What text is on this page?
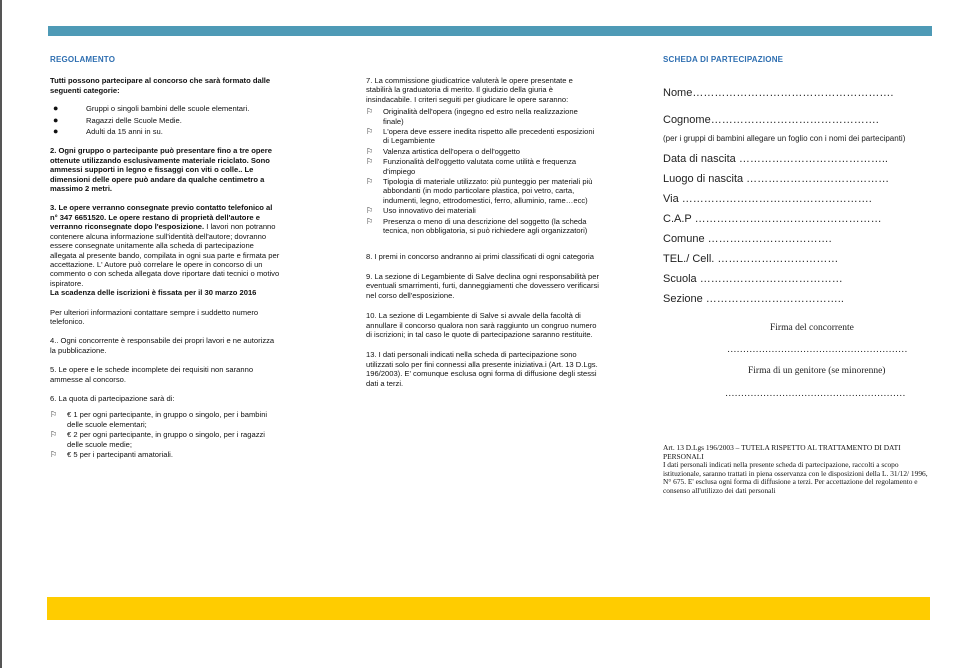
REGOLAMENTO

Tutti possono partecipare al concorso che sarà formato dalle seguenti categorie:

●	Gruppi o singoli bambini delle scuole elementari.
●	Ragazzi delle Scuole Medie.
●	Adulti da 15 anni in su.

2. Ogni gruppo o partecipante può presentare fino a tre opere ottenute utilizzando esclusivamente materiale riciclato. Sono ammessi supporti in legno e fissaggi con viti o colle.. Le dimensioni delle opere può andare da qualche centimetro a massimo 2 metri.

3. Le opere verranno consegnate previo contatto telefonico al n° 347 6651520. Le opere restano di proprietà dell'autore e verranno riconsegnate dopo l'esposizione. I lavori non potranno contenere alcuna informazione sull'identità dell'autore; dovranno essere consegnate unitamente alla scheda di partecipazione allegata al presente bando, compilata in ogni sua parte e firmata per accettazione. L' Autore può correlare le opere in concorso di un commento o con scheda allegata dove riportare dati tecnici o motivo ispiratore.

La scadenza delle iscrizioni è fissata per il 30 marzo 2016

Per ulteriori informazioni contattare sempre i suddetto numero telefonico.

4.. Ogni concorrente è responsabile dei propri lavori e ne autorizza la pubblicazione.

5. Le opere e le schede incomplete dei requisiti non saranno ammesse al concorso.

6. La quota di partecipazione sarà di:

⚐ € 1 per ogni partecipante, in gruppo o singolo, per i bambini delle scuole elementari;
⚐ € 2 per ogni partecipante, in gruppo o singolo, per i ragazzi delle scuole medie;
⚐ € 5 per i partecipanti amatoriali.

7. La commissione giudicatrice valuterà le opere presentate e stabilirà la graduatoria di merito. Il giudizio della giuria è insindacabile. I criteri seguiti per giudicare le opere saranno:

⚐ Originalità dell'opera (ingegno ed estro nella realizzazione finale)
⚐ L'opera deve essere inedita rispetto alle precedenti esposizioni di Legambiente
⚐ Valenza artistica dell'opera o dell'oggetto
⚐ Funzionalità dell'oggetto valutata come utilità e frequenza d'impiego
⚐ Tipologia di materiale utilizzato: più punteggio per materiali più abbondanti (in modo particolare plastica, poi vetro, carta, indumenti, legno, ettrodomestici, ferro, alluminio, rame…ecc)
⚐ Uso innovativo dei materiali
⚐ Presenza o meno di una descrizione del soggetto (la scheda tecnica, non obbligatoria, si può richiedere agli organizzatori)

8. I premi in concorso andranno ai primi classificati di ogni categoria

9. La sezione di Legambiente di Salve declina ogni responsabilità per eventuali smarrimenti, furti, danneggiamenti che dovessero verificarsi nel corso dell'esposizione.

10. La sezione di Legambiente di Salve si avvale della facoltà di annullare il concorso qualora non sarà raggiunto un congruo numero di iscrizioni; in tal caso le quote di partecipazione saranno restituite.

13. I dati personali indicati nella scheda di partecipazione sono utilizzati solo per fini connessi alla presente iniziativa.i (Art. 13 D.Lgs. 196/2003). E' comunque esclusa ogni forma di diffusione degli stessi dati a terzi.

SCHEDA DI PARTECIPAZIONE
Nome……………………………………………….
Cognome……………………………………….
(per i gruppi di bambini allegare un foglio con i nomi dei partecipanti)
Data di nascita …………………………………..
Luogo di nascita …………………………………
Via …………………………………………….
C.A.P ……………………………………………
Comune …………………………….
TEL./ Cell. ……………………………
Scuola …………………………………
Sezione ………………………………..
Firma del concorrente
…………………………………………………
Firma di un genitore (se minorenne)
…………………………………………………
Art. 13 D.Lgs 196/2003 – TUTELA RISPETTO AL TRATTAMENTO DI DATI PERSONALI
I dati personali indicati nella presente scheda di partecipazione, raccolti a scopo istituzionale, saranno trattati in piena osservanza con le disposizioni della L. 31/12/ 1996, N° 675. E' esclusa ogni forma di diffusione a terzi. Per accettazione del regolamento e consenso all'utilizzo dei dati personali
